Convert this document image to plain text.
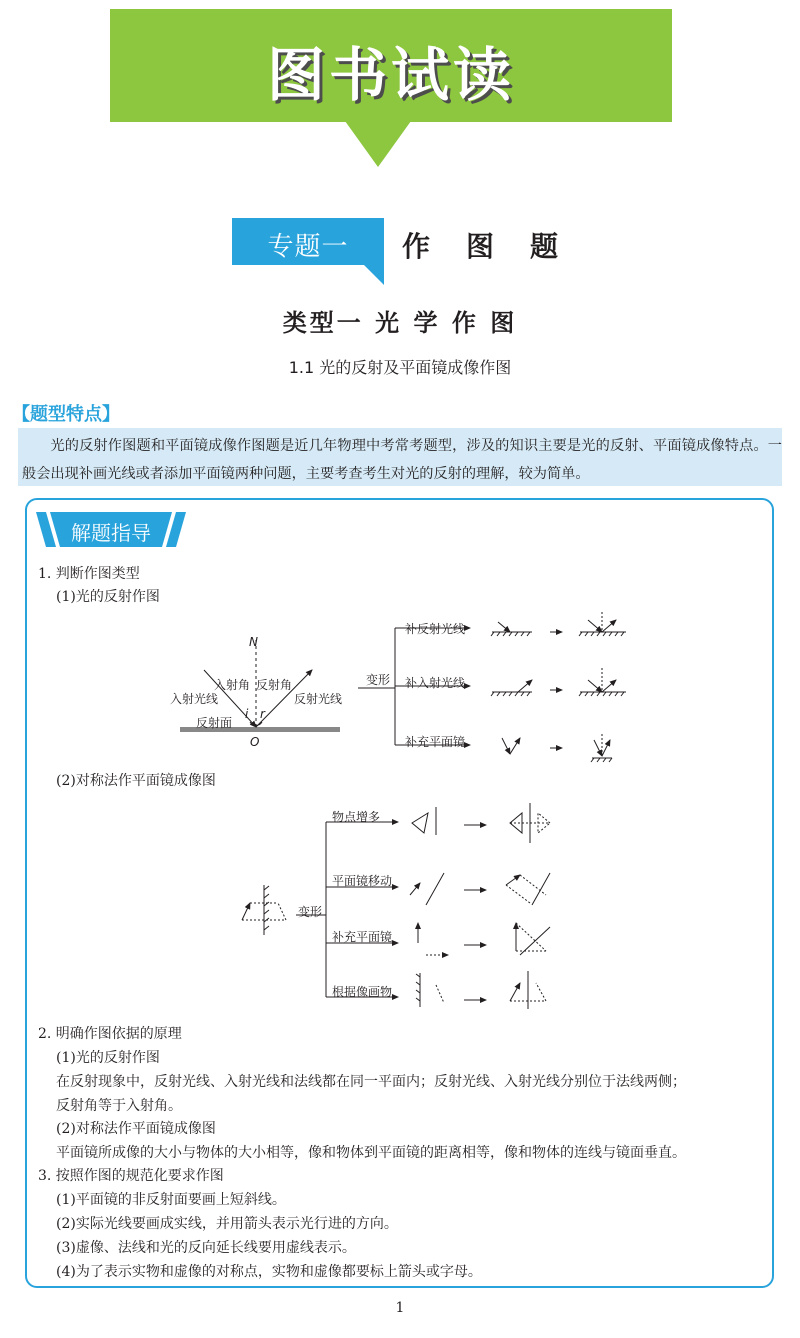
图书试读
专题一	作图题
类型一 光 学 作 图
1.1 光的反射及平面镜成像作图
【题型特点】
光的反射作图题和平面镜成像作图题是近几年物理中考常考题型，涉及的知识主要是光的反射、平面镜成像特点。一般会出现补画光线或者添加平面镜两种问题，主要考查考生对光的反射的理解，较为简单。
解题指导
1. 判断作图类型
(1)光的反射作图
N
入射角 反射角
入射光线	反射光线
反射面
i r
O
变形
补反射光线
补入射光线
补充平面镜
(2)对称法作平面镜成像图
变形
物点增多
平面镜移动
补充平面镜
根据像画物
2. 明确作图依据的原理
(1)光的反射作图
在反射现象中，反射光线、入射光线和法线都在同一平面内；反射光线、入射光线分别位于法线两侧；
反射角等于入射角。
(2)对称法作平面镜成像图
平面镜所成像的大小与物体的大小相等，像和物体到平面镜的距离相等，像和物体的连线与镜面垂直。
3. 按照作图的规范化要求作图
(1)平面镜的非反射面要画上短斜线。
(2)实际光线要画成实线，并用箭头表示光行进的方向。
(3)虚像、法线和光的反向延长线要用虚线表示。
(4)为了表示实物和虚像的对称点，实物和虚像都要标上箭头或字母。
1
